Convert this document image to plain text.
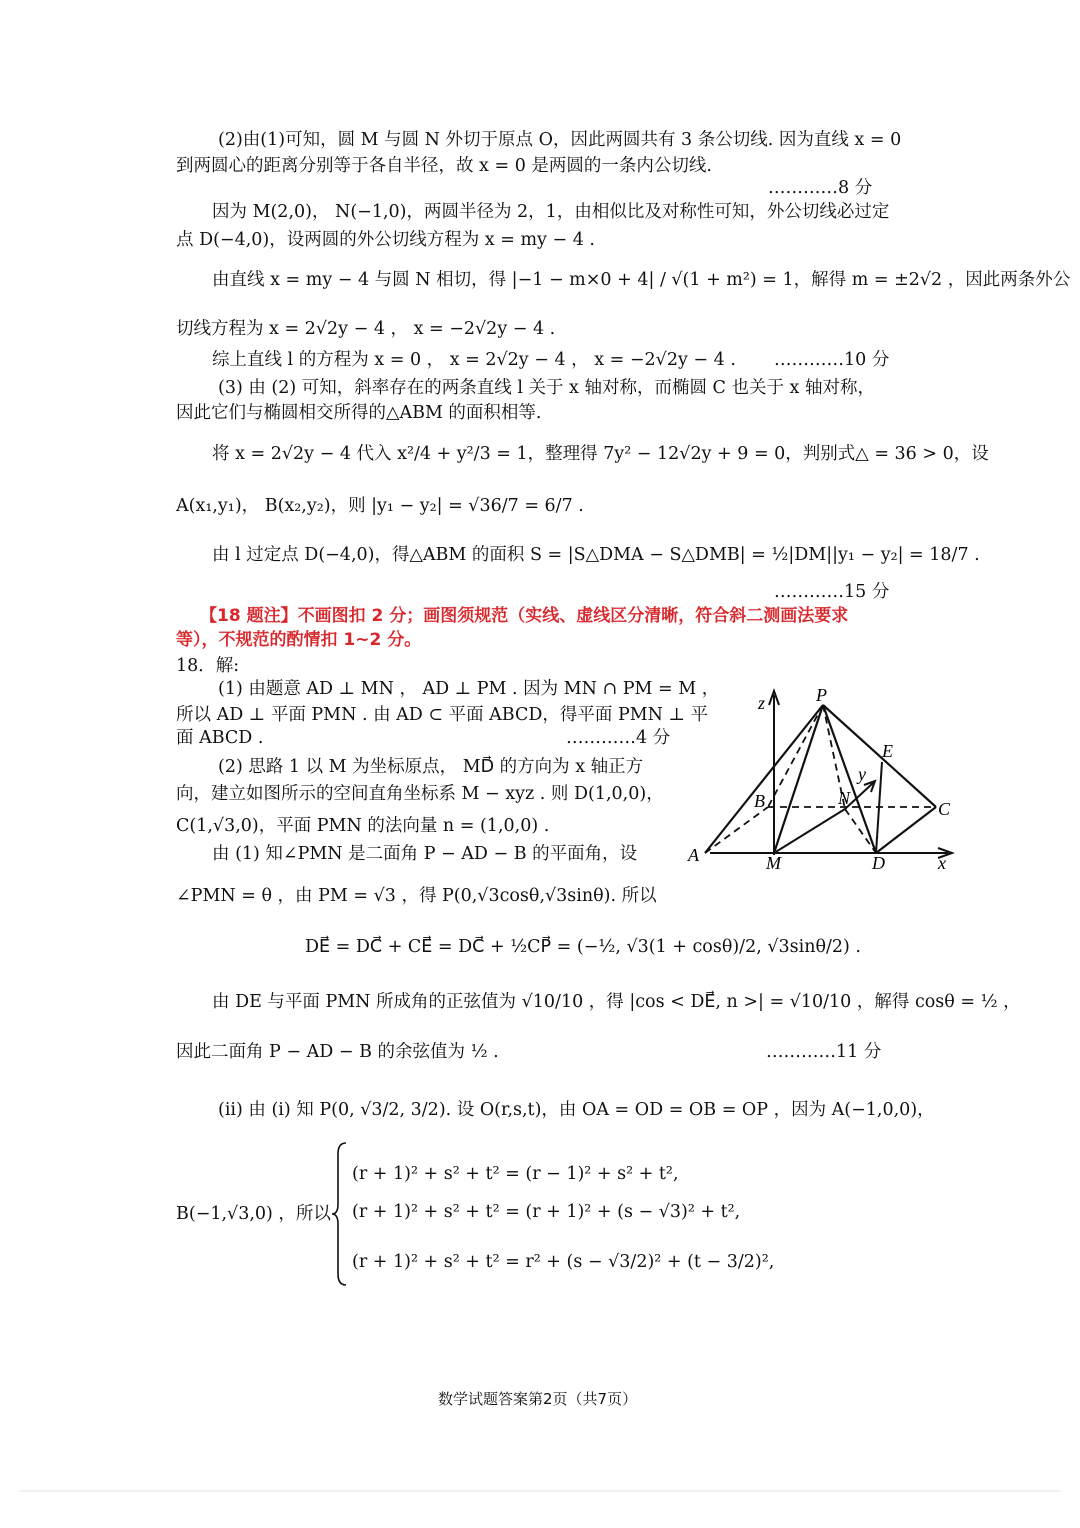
(2)由(1)可知，圆 M 与圆 N 外切于原点 O，因此两圆共有 3 条公切线. 因为直线 x = 0
到两圆心的距离分别等于各自半径，故 x = 0 是两圆的一条内公切线.
…………8 分
因为 M(2,0)， N(−1,0)，两圆半径为 2，1，由相似比及对称性可知，外公切线必过定
点 D(−4,0)，设两圆的外公切线方程为 x = my − 4 .
由直线 x = my − 4 与圆 N 相切，得 |−1 − m×0 + 4| / √(1 + m²) = 1，解得 m = ±2√2 ，因此两条外公
切线方程为 x = 2√2y − 4 ， x = −2√2y − 4 .
综上直线 l 的方程为 x = 0 ， x = 2√2y − 4 ， x = −2√2y − 4 . …………10 分
(3) 由 (2) 可知，斜率存在的两条直线 l 关于 x 轴对称，而椭圆 C 也关于 x 轴对称，
因此它们与椭圆相交所得的△ABM 的面积相等.
将 x = 2√2y − 4 代入 x²/4 + y²/3 = 1，整理得 7y² − 12√2y + 9 = 0，判别式△ = 36 > 0，设
A(x₁,y₁)， B(x₂,y₂)，则 |y₁ − y₂| = √36/7 = 6/7 .
由 l 过定点 D(−4,0)，得△ABM 的面积 S = |S△DMA − S△DMB| = ½|DM||y₁ − y₂| = 18/7 .
…………15 分
【18 题注】不画图扣 2 分；画图须规范（实线、虚线区分清晰，符合斜二测画法要求
等），不规范的酌情扣 1~2 分。
18．解:
(1) 由题意 AD ⊥ MN ， AD ⊥ PM . 因为 MN ∩ PM = M ，
所以 AD ⊥ 平面 PMN . 由 AD ⊂ 平面 ABCD，得平面 PMN ⊥ 平
面 ABCD .	…………4 分
(2) 思路 1 以 M 为坐标原点， MD⃗ 的方向为 x 轴正方
向，建立如图所示的空间直角坐标系 M − xyz . 则 D(1,0,0)，
C(1,√3,0)，平面 PMN 的法向量 n = (1,0,0) .
由 (1) 知∠PMN 是二面角 P − AD − B 的平面角，设
∠PMN = θ ，由 PM = √3 ，得 P(0,√3cosθ,√3sinθ). 所以
DE⃗ = DC⃗ + CE⃗ = DC⃗ + ½CP⃗ = (−½, √3(1 + cosθ)/2, √3sinθ/2) .
由 DE 与平面 PMN 所成角的正弦值为 √10/10 ，得 |cos < DE⃗, n >| = √10/10 ，解得 cosθ = ½ ，
因此二面角 P − AD − B 的余弦值为 ½ .	…………11 分
(ii) 由 (i) 知 P(0, √3/2, 3/2). 设 O(r,s,t)，由 OA = OD = OB = OP ，因为 A(−1,0,0)，
B(−1,√3,0) ，所以
(r + 1)² + s² + t² = (r − 1)² + s² + t²,
(r + 1)² + s² + t² = (r + 1)² + (s − √3)² + t²,
(r + 1)² + s² + t² = r² + (s − √3/2)² + (t − 3/2)²,
z	P
E
y
B	N
C
A	M	D	x
数学试题答案第2页（共7页）
